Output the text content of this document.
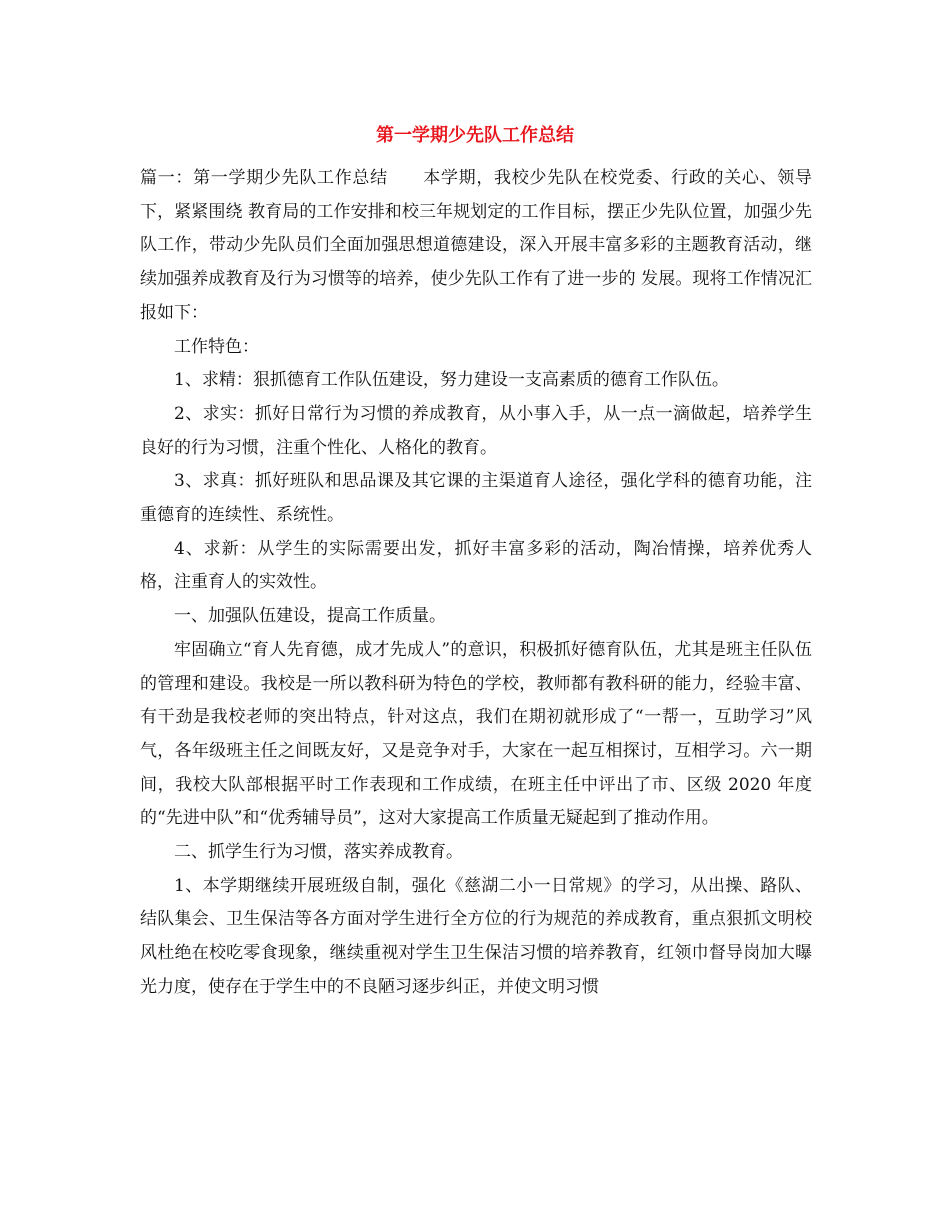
第一学期少先队工作总结

篇一：第一学期少先队工作总结　　本学期，我校少先队在校党委、行政的关心、领导下，紧紧围绕 教育局的工作安排和校三年规划定的工作目标，摆正少先队位置，加强少先队工作，带动少先队员们全面加强思想道德建设，深入开展丰富多彩的主题教育活动，继续加强养成教育及行为习惯等的培养，使少先队工作有了进一步的 发展。现将工作情况汇报如下：

工作特色：

1、求精：狠抓德育工作队伍建设，努力建设一支高素质的德育工作队伍。

2、求实：抓好日常行为习惯的养成教育，从小事入手，从一点一滴做起，培养学生良好的行为习惯，注重个性化、人格化的教育。

3、求真：抓好班队和思品课及其它课的主渠道育人途径，强化学科的德育功能，注重德育的连续性、系统性。

4、求新：从学生的实际需要出发，抓好丰富多彩的活动，陶冶情操，培养优秀人格，注重育人的实效性。

一、加强队伍建设，提高工作质量。

牢固确立“育人先育德，成才先成人”的意识，积极抓好德育队伍，尤其是班主任队伍的管理和建设。我校是一所以教科研为特色的学校，教师都有教科研的能力，经验丰富、有干劲是我校老师的突出特点，针对这点，我们在期初就形成了“一帮一，互助学习”风气，各年级班主任之间既友好，又是竞争对手，大家在一起互相探讨，互相学习。六一期间，我校大队部根据平时工作表现和工作成绩，在班主任中评出了市、区级 2020 年度的“先进中队”和“优秀辅导员”，这对大家提高工作质量无疑起到了推动作用。

二、抓学生行为习惯，落实养成教育。

1、本学期继续开展班级自制，强化《慈湖二小一日常规》的学习，从出操、路队、结队集会、卫生保洁等各方面对学生进行全方位的行为规范的养成教育，重点狠抓文明校风杜绝在校吃零食现象，继续重视对学生卫生保洁习惯的培养教育，红领巾督导岗加大曝光力度，使存在于学生中的不良陋习逐步纠正，并使文明习惯
